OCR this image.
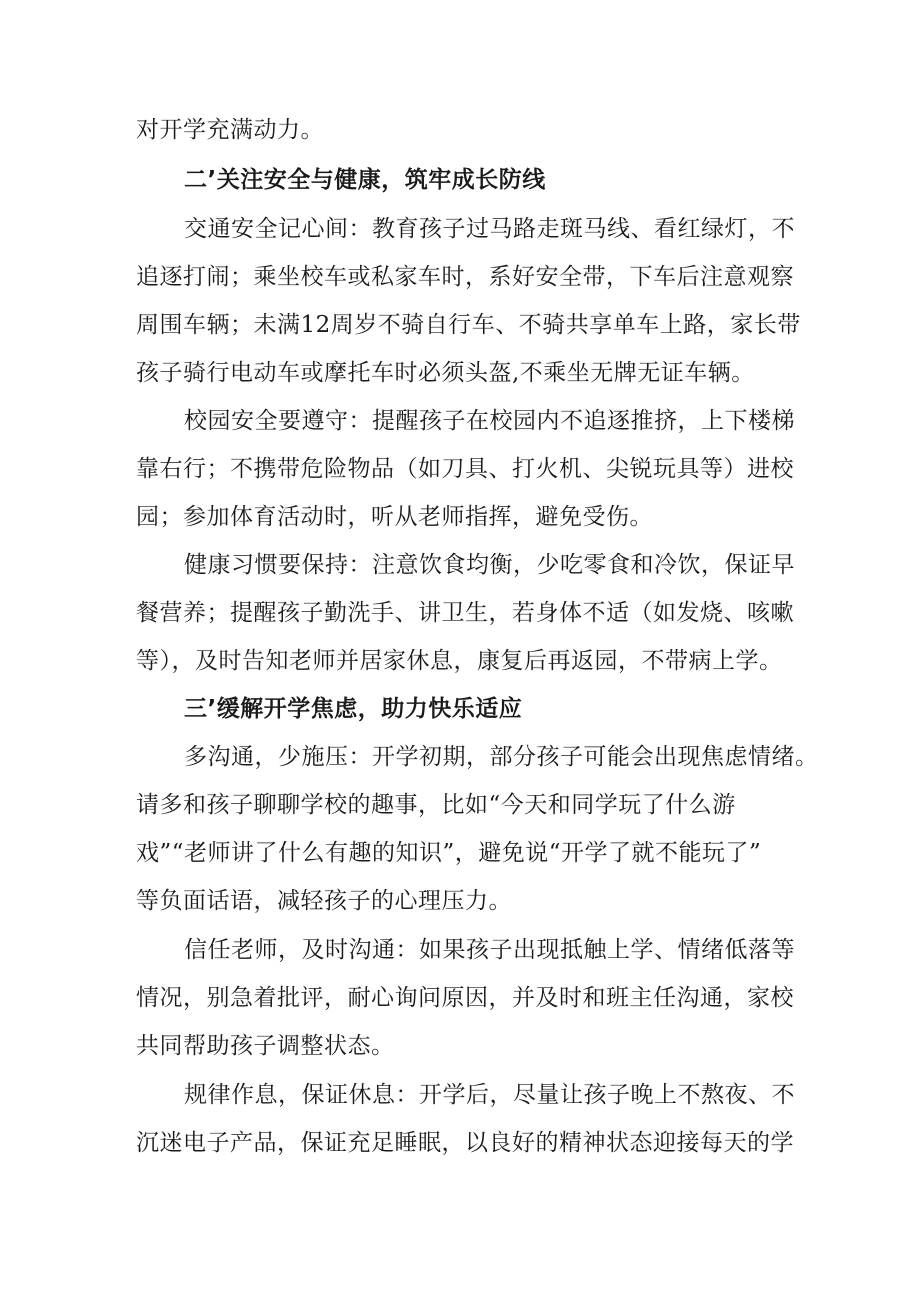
对开学充满动力。
二’关注安全与健康，筑牢成长防线
交通安全记心间：教育孩子过马路走斑马线、看红绿灯，不
追逐打闹；乘坐校车或私家车时，系好安全带，下车后注意观察
周围车辆；未满12周岁不骑自行车、不骑共享单车上路，家长带
孩子骑行电动车或摩托车时必须头盔,不乘坐无牌无证车辆。
校园安全要遵守：提醒孩子在校园内不追逐推挤，上下楼梯
靠右行；不携带危险物品（如刀具、打火机、尖锐玩具等）进校
园；参加体育活动时，听从老师指挥，避免受伤。
健康习惯要保持：注意饮食均衡，少吃零食和冷饮，保证早
餐营养；提醒孩子勤洗手、讲卫生，若身体不适（如发烧、咳嗽
等），及时告知老师并居家休息，康复后再返园，不带病上学。
三’缓解开学焦虑，助力快乐适应
多沟通，少施压：开学初期，部分孩子可能会出现焦虑情绪。
请多和孩子聊聊学校的趣事，比如“今天和同学玩了什么游
戏”“老师讲了什么有趣的知识”，避免说“开学了就不能玩了”
等负面话语，减轻孩子的心理压力。
信任老师，及时沟通：如果孩子出现抵触上学、情绪低落等
情况，别急着批评，耐心询问原因，并及时和班主任沟通，家校
共同帮助孩子调整状态。
规律作息，保证休息：开学后，尽量让孩子晚上不熬夜、不
沉迷电子产品，保证充足睡眠，以良好的精神状态迎接每天的学
